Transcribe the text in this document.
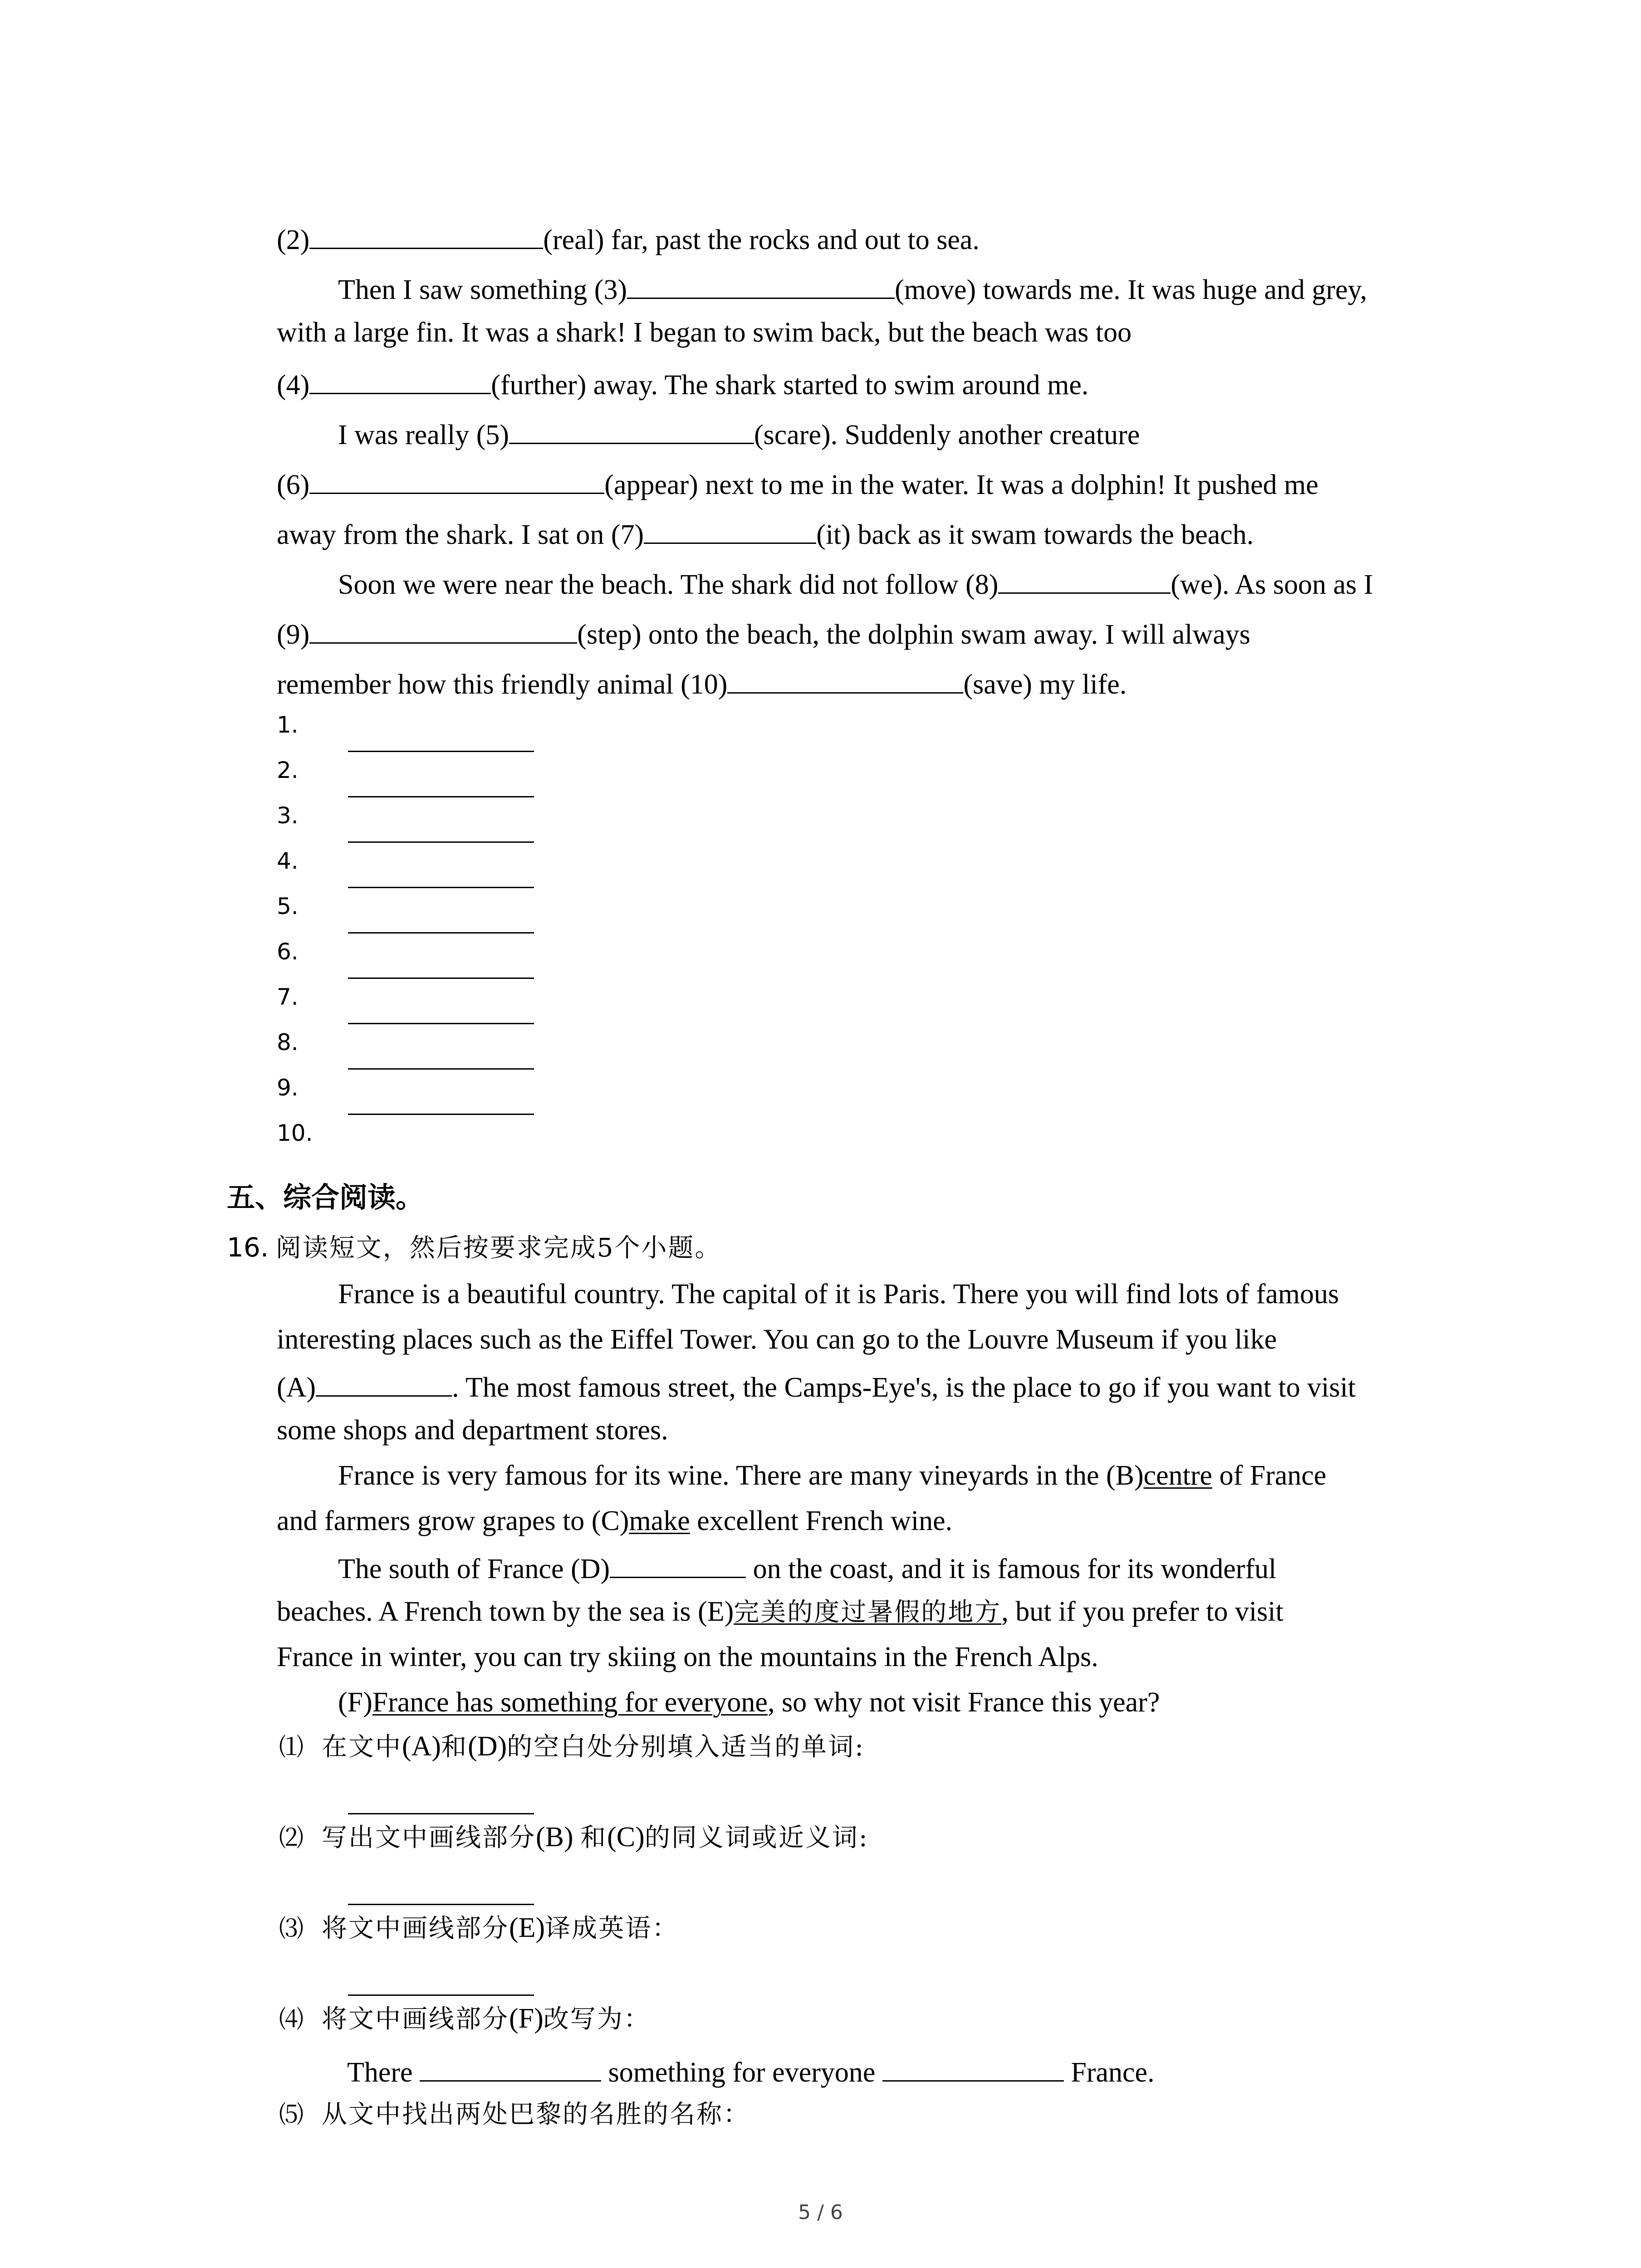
(2)	(real) far, past the rocks and out to sea.
Then I saw something (3)	(move) towards me. It was huge and grey,
with a large fin. It was a shark! I began to swim back, but the beach was too
(4)	(further) away. The shark started to swim around me.
I was really (5)	(scare). Suddenly another creature
(6)	(appear) next to me in the water. It was a dolphin! It pushed me
away from the shark. I sat on (7)	(it) back as it swam towards the beach.
Soon we were near the beach. The shark did not follow (8)	(we). As soon as I
(9)	(step) onto the beach, the dolphin swam away. I will always
remember how this friendly animal (10)	(save) my life.
1.
2.
3.
4.
5.
6.
7.
8.
9.
10.
五、综合阅读。
16. 阅读短文，然后按要求完成5个小题。
France is a beautiful country. The capital of it is Paris. There you will find lots of famous
interesting places such as the Eiffel Tower. You can go to the Louvre Museum if you like
(A)	. The most famous street, the Camps-Eye's, is the place to go if you want to visit
some shops and department stores.
France is very famous for its wine. There are many vineyards in the (B)centre of France
and farmers grow grapes to (C)make excellent French wine.
The south of France (D)	on the coast, and it is famous for its wonderful
beaches. A French town by the sea is (E)完美的度过暑假的地方, but if you prefer to visit
France in winter, you can try skiing on the mountains in the French Alps.
(F)France has something for everyone, so why not visit France this year?
⑴ 在文中(A)和(D)的空白处分别填入适当的单词:
⑵ 写出文中画线部分(B) 和(C)的同义词或近义词:
⑶ 将文中画线部分(E)译成英语：
⑷ 将文中画线部分(F)改写为：
There	something for everyone	France.
⑸ 从文中找出两处巴黎的名胜的名称：
5 / 6
